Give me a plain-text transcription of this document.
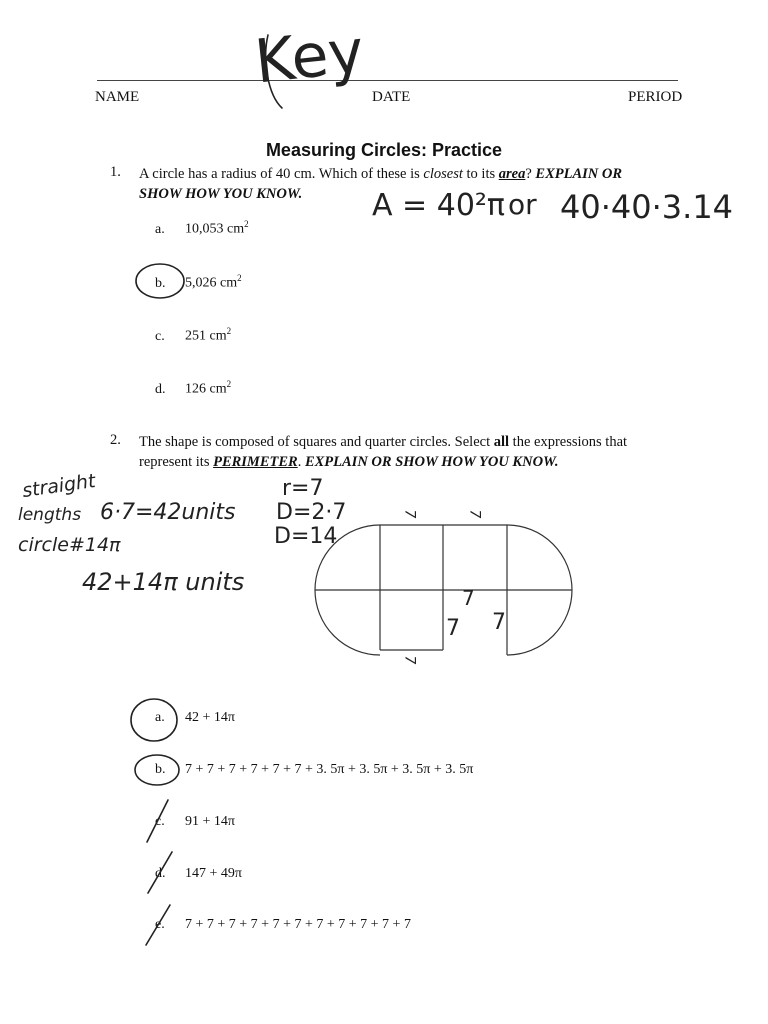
NAME	DATE	PERIOD
Key
Measuring Circles: Practice
1. A circle has a radius of 40 cm. Which of these is closest to its area? EXPLAIN OR
SHOW HOW YOU KNOW.	A = 40²π or 40·40·3.14
a. 10,053 $cm^2$
b. 5,026 $cm^2$
c. 251 $cm^2$
d. 126 $cm^2$
2. The shape is composed of squares and quarter circles. Select all the expressions that
represent its PERIMETER. EXPLAIN OR SHOW HOW YOU KNOW.
straight
lengths 6·7=42units
circle#14π
42+14π units
r=7
D=2·7
D=14
7	7
7
7
7 7
a. 42 + 14π
b. 7 + 7 + 7 + 7 + 7 + 7 + 3. 5π + 3. 5π + 3. 5π + 3. 5π
c. 91 + 14π
d. 147 + 49π
e. 7 + 7 + 7 + 7 + 7 + 7 + 7 + 7 + 7 + 7 + 7
